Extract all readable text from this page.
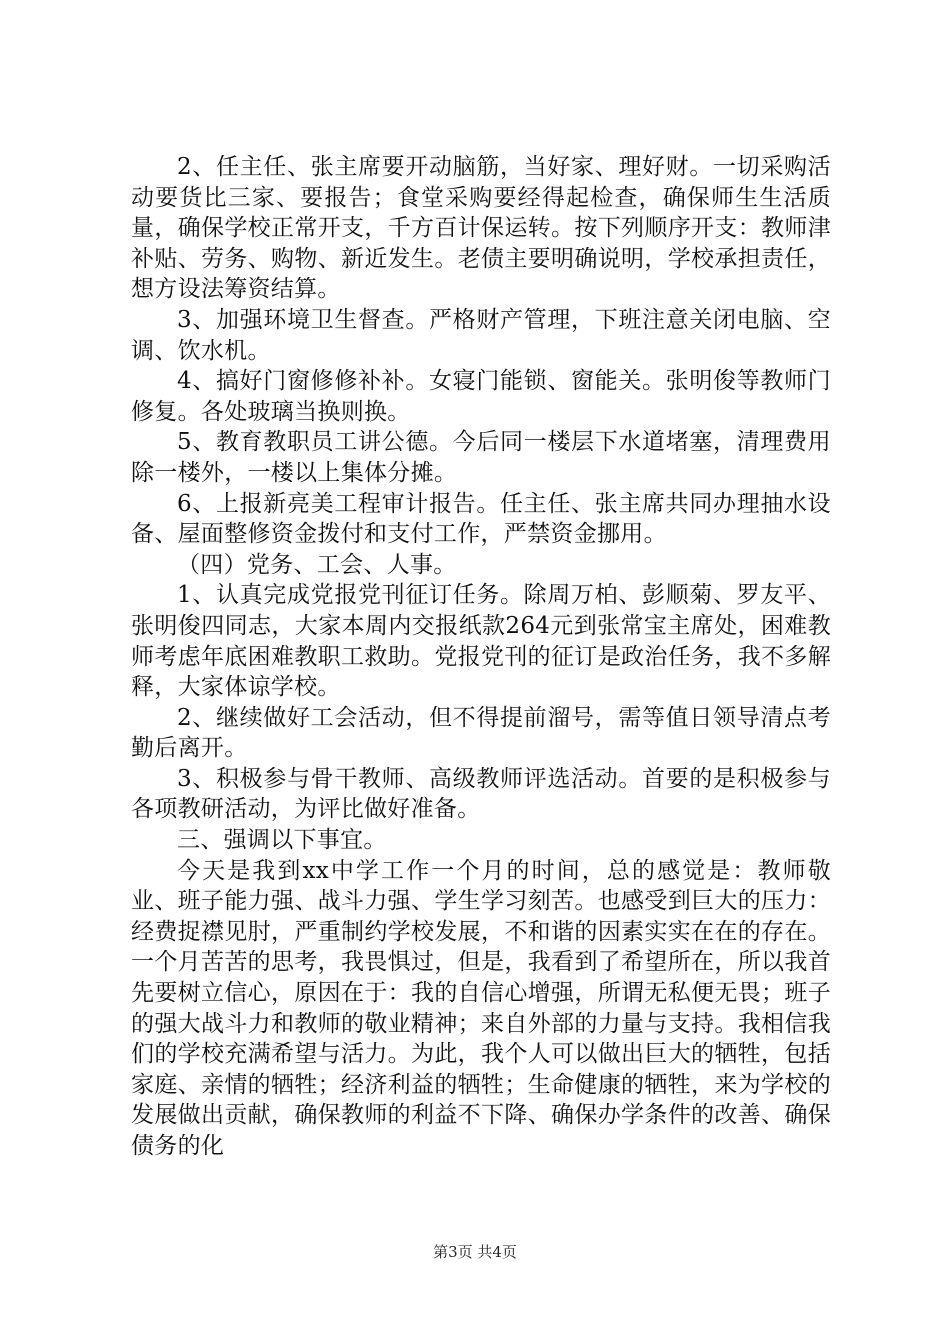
2、任主任、张主席要开动脑筋，当好家、理好财。一切采购活动要货比三家、要报告；食堂采购要经得起检查，确保师生生活质量，确保学校正常开支，千方百计保运转。按下列顺序开支：教师津补贴、劳务、购物、新近发生。老债主要明确说明，学校承担责任，想方设法筹资结算。

3、加强环境卫生督查。严格财产管理，下班注意关闭电脑、空调、饮水机。

4、搞好门窗修修补补。女寝门能锁、窗能关。张明俊等教师门修复。各处玻璃当换则换。

5、教育教职员工讲公德。今后同一楼层下水道堵塞，清理费用除一楼外，一楼以上集体分摊。

6、上报新亮美工程审计报告。任主任、张主席共同办理抽水设备、屋面整修资金拨付和支付工作，严禁资金挪用。

（四）党务、工会、人事。

1、认真完成党报党刊征订任务。除周万柏、彭顺菊、罗友平、张明俊四同志，大家本周内交报纸款264元到张常宝主席处，困难教师考虑年底困难教职工救助。党报党刊的征订是政治任务，我不多解释，大家体谅学校。

2、继续做好工会活动，但不得提前溜号，需等值日领导清点考勤后离开。

3、积极参与骨干教师、高级教师评选活动。首要的是积极参与各项教研活动，为评比做好准备。

三、强调以下事宜。

今天是我到xx中学工作一个月的时间，总的感觉是：教师敬业、班子能力强、战斗力强、学生学习刻苦。也感受到巨大的压力：经费捉襟见肘，严重制约学校发展，不和谐的因素实实在在的存在。一个月苦苦的思考，我畏惧过，但是，我看到了希望所在，所以我首先要树立信心，原因在于：我的自信心增强，所谓无私便无畏；班子的强大战斗力和教师的敬业精神；来自外部的力量与支持。我相信我们的学校充满希望与活力。为此，我个人可以做出巨大的牺牲，包括家庭、亲情的牺牲；经济利益的牺牲；生命健康的牺牲，来为学校的发展做出贡献，确保教师的利益不下降、确保办学条件的改善、确保债务的化

第3页 共4页
